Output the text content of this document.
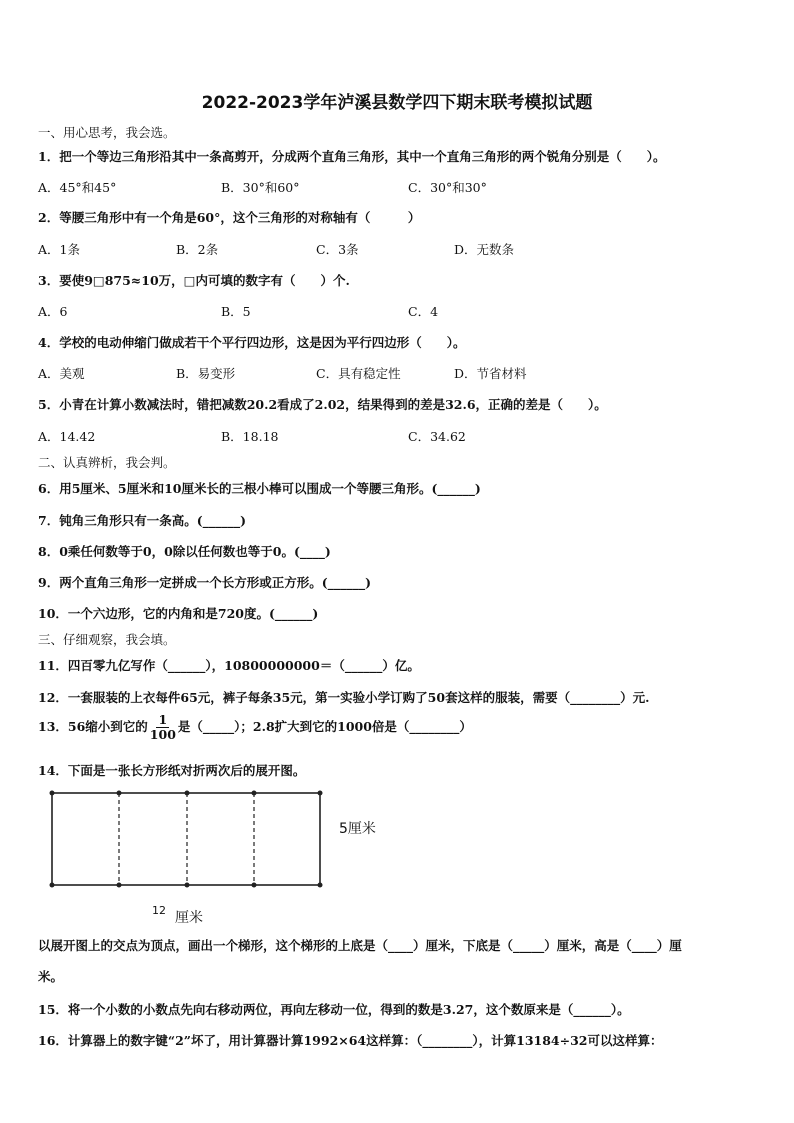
2022-2023学年泸溪县数学四下期末联考模拟试题
一、用心思考，我会选。
1．把一个等边三角形沿其中一条高剪开，分成两个直角三角形，其中一个直角三角形的两个锐角分别是（　　）。
A．45°和45°	B．30°和60°	C．30°和30°
2．等腰三角形中有一个角是60°，这个三角形的对称轴有（　　　）
A．1条	B．2条	C．3条	D．无数条
3．要使9□875≈10万，□内可填的数字有（　　）个.
A．6	B．5	C．4
4．学校的电动伸缩门做成若干个平行四边形，这是因为平行四边形（　　）。
A．美观	B．易变形	C．具有稳定性	D．节省材料
5．小青在计算小数减法时，错把减数20.2看成了2.02，结果得到的差是32.6，正确的差是（　　）。
A．14.42	B．18.18	C．34.62
二、认真辨析，我会判。
6．用5厘米、5厘米和10厘米长的三根小棒可以围成一个等腰三角形。(______)
7．钝角三角形只有一条高。(______)
8．0乘任何数等于0，0除以任何数也等于0。(____)
9．两个直角三角形一定拼成一个长方形或正方形。(______)
10．一个六边形，它的内角和是720度。(______)
三、仔细观察，我会填。
11．四百零九亿写作（______），10800000000＝（______）亿。
12．一套服装的上衣每件65元，裤子每条35元，第一实验小学订购了50套这样的服装，需要（________）元.
13．56缩小到它的 $\frac{1}{100}$ 是（_____）；2.8扩大到它的1000倍是（________）
14．下面是一张长方形纸对折两次后的展开图。
5厘米
12 厘米
以展开图上的交点为顶点，画出一个梯形，这个梯形的上底是（____）厘米，下底是（_____）厘米，高是（____）厘
米。
15．将一个小数的小数点先向右移动两位，再向左移动一位，得到的数是3.27，这个数原来是（______）。
16．计算器上的数字键“2”坏了，用计算器计算1992×64这样算：（________），计算13184÷32可以这样算：
